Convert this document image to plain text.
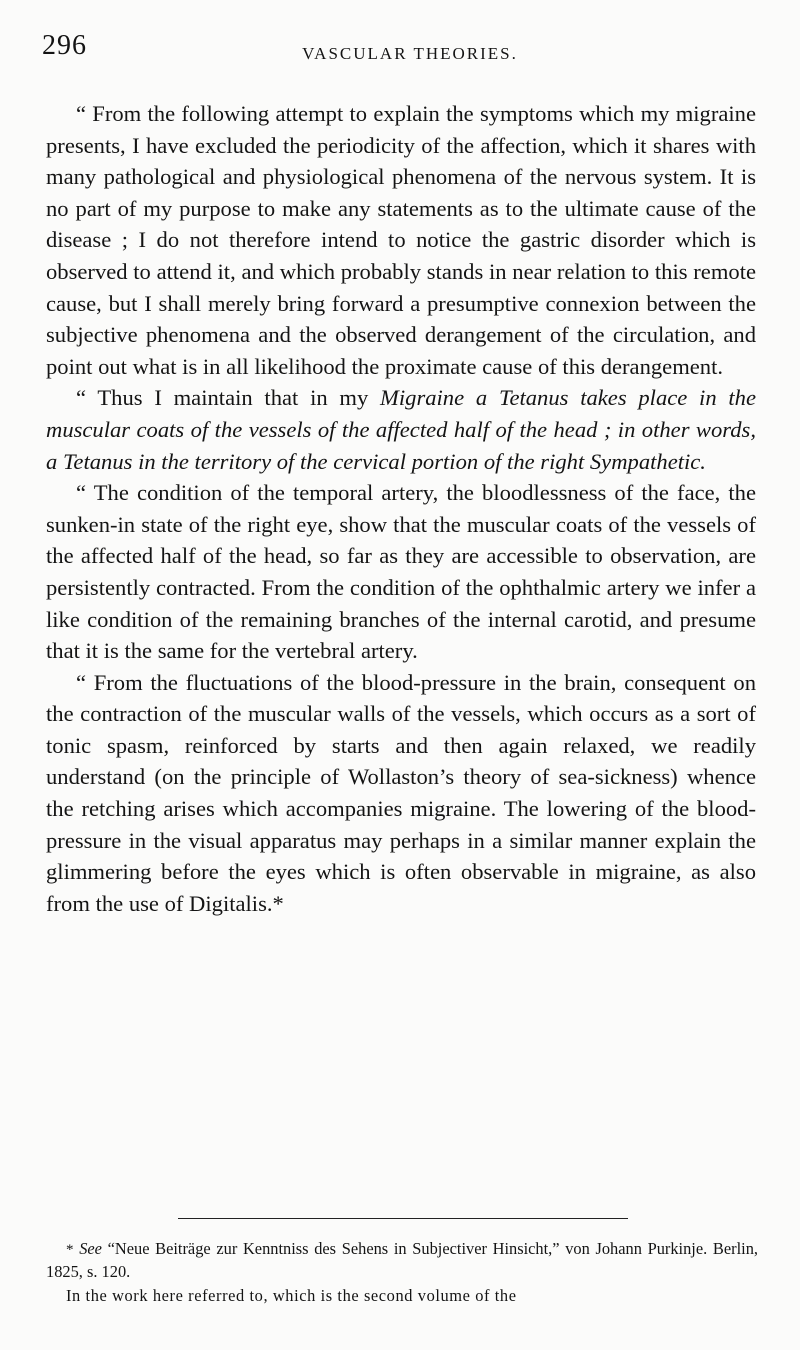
296	VASCULAR THEORIES.

“ From the following attempt to explain the symptoms which my migraine presents, I have excluded the periodicity of the affection, which it shares with many pathological and physiological phenomena of the nervous system. It is no part of my purpose to make any statements as to the ultimate cause of the disease ; I do not therefore intend to notice the gastric disorder which is observed to attend it, and which probably stands in near relation to this remote cause, but I shall merely bring forward a presumptive connexion between the subjective phenomena and the observed derangement of the circulation, and point out what is in all likelihood the proximate cause of this derangement.

“ Thus I maintain that in my Migraine a Tetanus takes place in the muscular coats of the vessels of the affected half of the head ; in other words, a Tetanus in the territory of the cervical portion of the right Sympathetic.

“ The condition of the temporal artery, the bloodlessness of the face, the sunken-in state of the right eye, show that the muscular coats of the vessels of the affected half of the head, so far as they are accessible to observation, are persistently contracted. From the condition of the ophthalmic artery we infer a like condition of the remaining branches of the internal carotid, and presume that it is the same for the vertebral artery.

“ From the fluctuations of the blood-pressure in the brain, consequent on the contraction of the muscular walls of the vessels, which occurs as a sort of tonic spasm, reinforced by starts and then again relaxed, we readily understand (on the principle of Wollaston’s theory of sea-sickness) whence the retching arises which accompanies migraine. The lowering of the blood-pressure in the visual apparatus may perhaps in a similar manner explain the glimmering before the eyes which is often observable in migraine, as also from the use of Digitalis.*

* See “Neue Beiträge zur Kenntniss des Sehens in Subjectiver Hinsicht,” von Johann Purkinje. Berlin, 1825, s. 120.

In the work here referred to, which is the second volume of the
